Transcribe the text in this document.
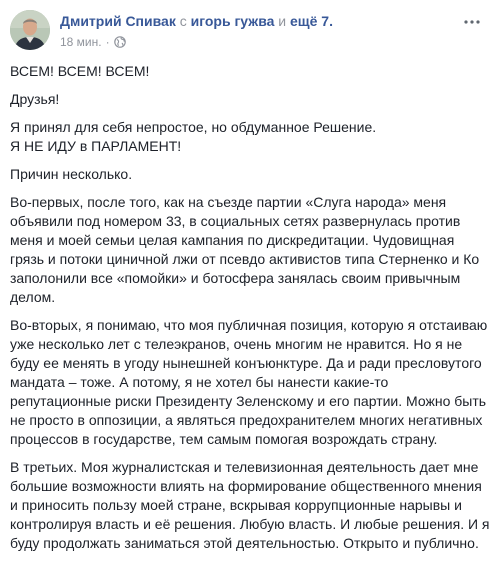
Дмитрий Спивак с игорь гужва и ещё 7.
18 мин. ·

ВСЕМ! ВСЕМ! ВСЕМ!

Друзья!

Я принял для себя непростое, но обдуманное Решение.

Я НЕ ИДУ в ПАРЛАМЕНТ!

Причин несколько.

Во-первых, после того, как на съезде партии «Слуга народа» меня объявили под номером 33, в социальных сетях развернулась против меня и моей семьи целая кампания по дискредитации. Чудовищная грязь и потоки циничной лжи от псевдо активистов типа Стерненко и Ко заполонили все «помойки» и ботосфера занялась своим привычным делом.

Во-вторых, я понимаю, что моя публичная позиция, которую я отстаиваю уже несколько лет с телеэкранов, очень многим не нравится. Но я не буду ее менять в угоду нынешней конъюнктуре. Да и ради пресловутого мандата – тоже. А потому, я не хотел бы нанести какие-то репутационные риски Президенту Зеленскому и его партии. Можно быть не просто в оппозиции, а являться предохранителем многих негативных процессов в государстве, тем самым помогая возрождать страну.

В третьих. Моя журналистская и телевизионная деятельность дает мне большие возможности влиять на формирование общественного мнения и приносить пользу моей стране, вскрывая коррупционные нарывы и контролируя власть и её решения. Любую власть. И любые решения. И я буду продолжать заниматься этой деятельностью. Открыто и публично.
